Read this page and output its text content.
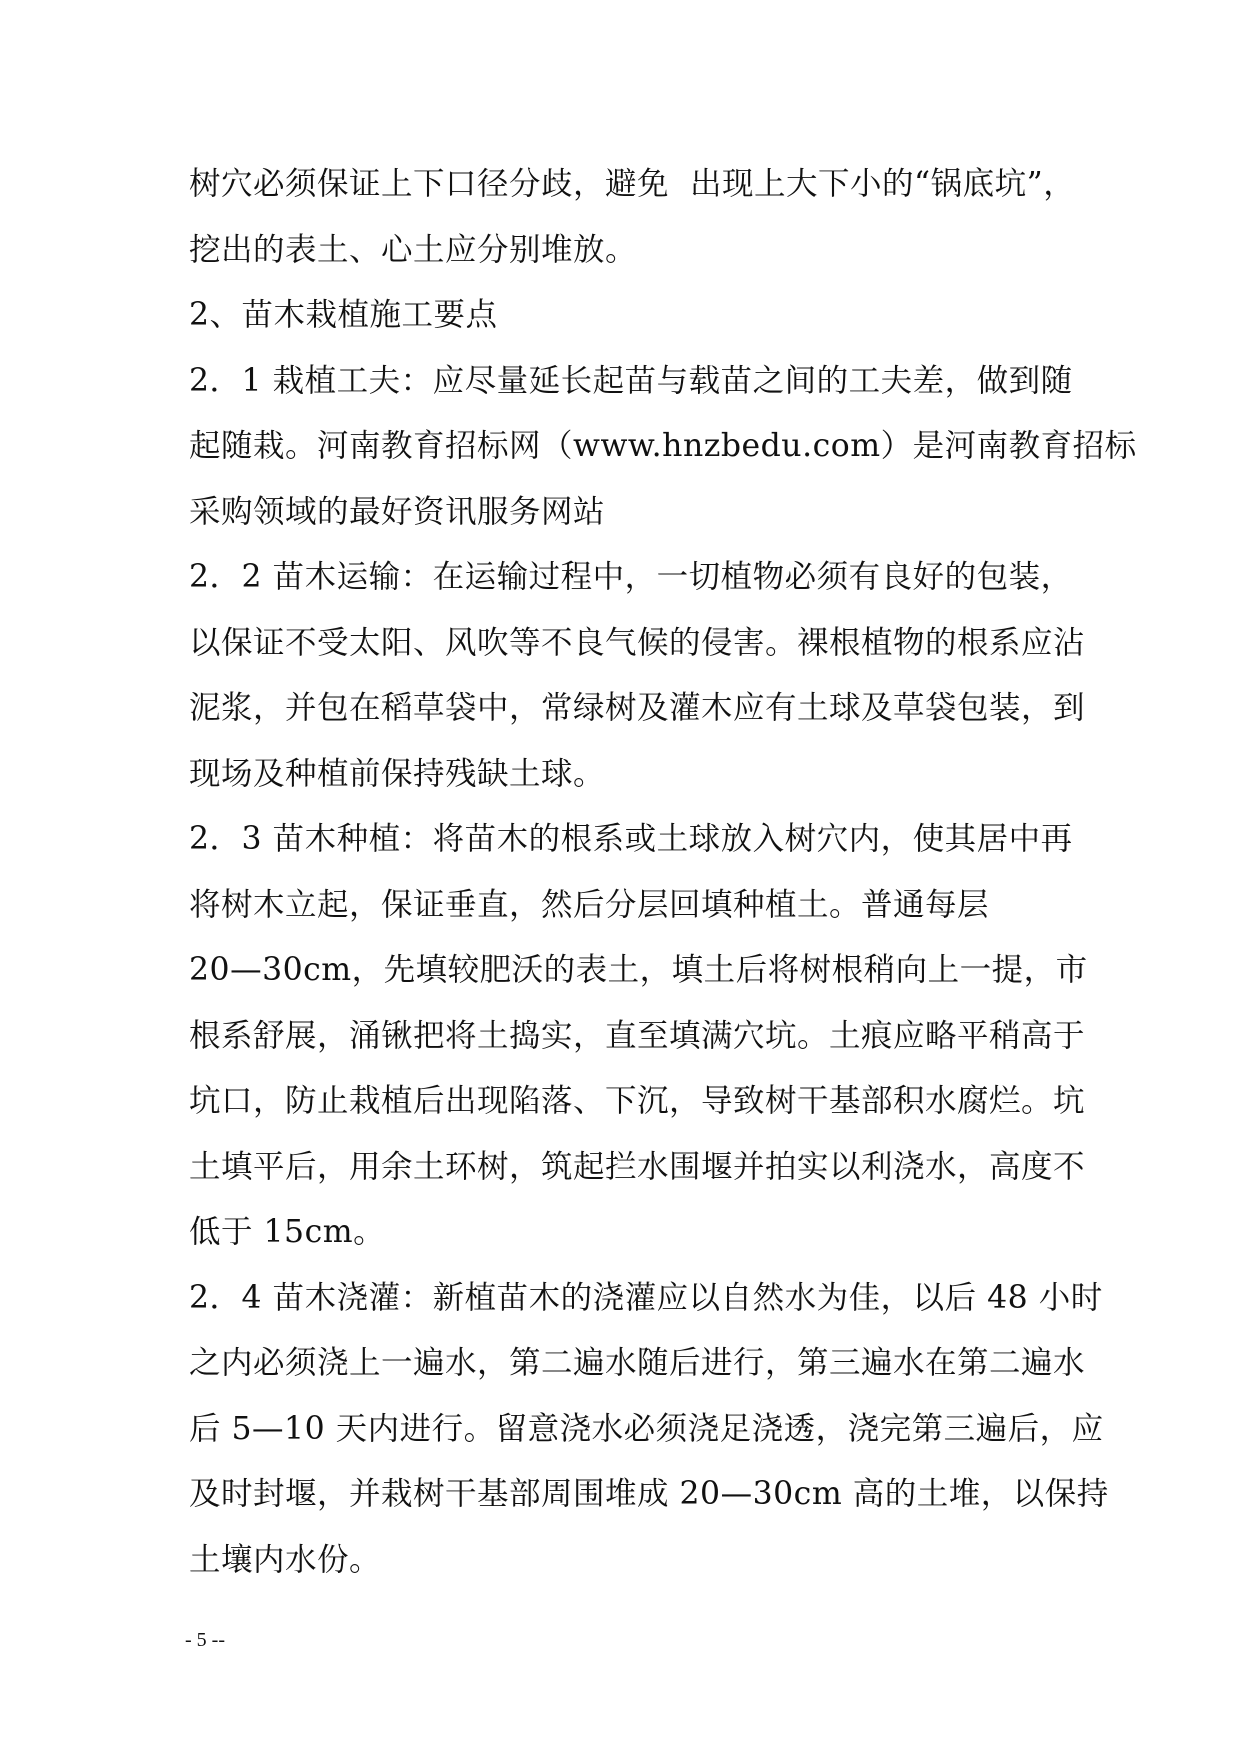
树穴必须保证上下口径分歧，避免  出现上大下小的“锅底坑”，
挖出的表土、心土应分别堆放。
2、苗木栽植施工要点
2．1 栽植工夫：应尽量延长起苗与载苗之间的工夫差，做到随
起随栽。河南教育招标网（www.hnzbedu.com）是河南教育招标
采购领域的最好资讯服务网站
2．2 苗木运输：在运输过程中，一切植物必须有良好的包装，
以保证不受太阳、风吹等不良气候的侵害。裸根植物的根系应沾
泥浆，并包在稻草袋中，常绿树及灌木应有土球及草袋包装，到
现场及种植前保持残缺土球。
2．3 苗木种植：将苗木的根系或土球放入树穴内，使其居中再
将树木立起，保证垂直，然后分层回填种植土。普通每层
20—30cm，先填较肥沃的表土，填土后将树根稍向上一提，市
根系舒展，涌锹把将土捣实，直至填满穴坑。土痕应略平稍高于
坑口，防止栽植后出现陷落、下沉，导致树干基部积水腐烂。坑
土填平后，用余土环树，筑起拦水围堰并拍实以利浇水，高度不
低于 15cm。
2．4 苗木浇灌：新植苗木的浇灌应以自然水为佳，以后 48 小时
之内必须浇上一遍水，第二遍水随后进行，第三遍水在第二遍水
后 5—10 天内进行。留意浇水必须浇足浇透，浇完第三遍后，应
及时封堰，并栽树干基部周围堆成 20—30cm 高的土堆，以保持
土壤内水份。
- 5 --
